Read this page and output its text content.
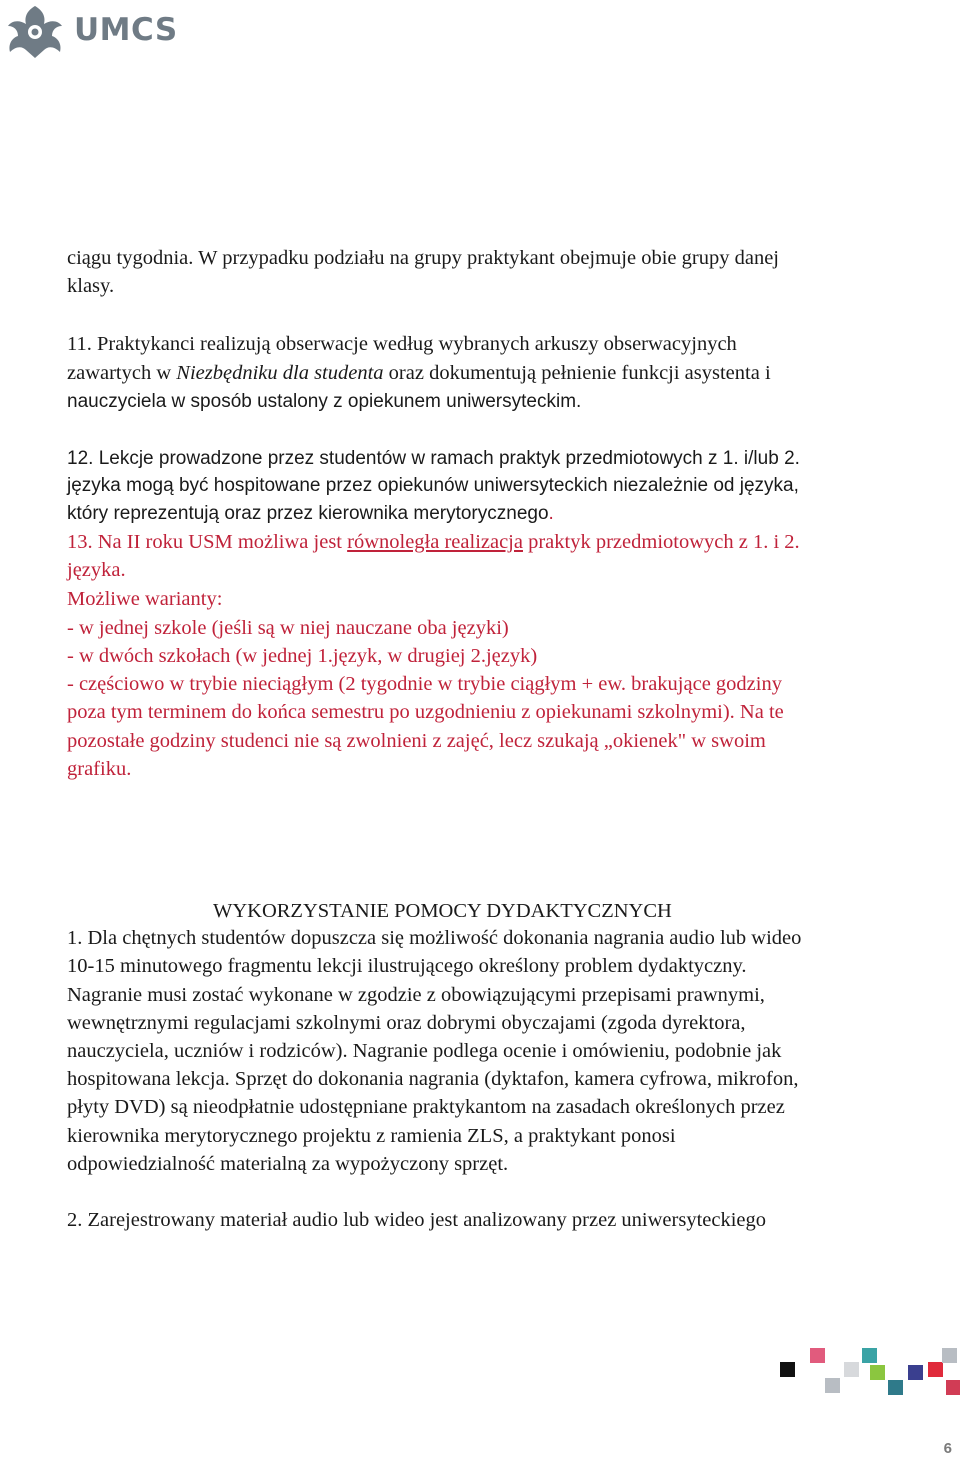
UMCS
ciągu tygodnia. W przypadku podziału na grupy praktykant obejmuje obie grupy danej
klasy.
11. Praktykanci realizują obserwacje według wybranych arkuszy obserwacyjnych
zawartych w Niezbędniku dla studenta oraz dokumentują pełnienie funkcji asystenta i
nauczyciela w sposób ustalony z opiekunem uniwersyteckim.
12. Lekcje prowadzone przez studentów w ramach praktyk przedmiotowych z 1. i/lub 2.
języka mogą być hospitowane przez opiekunów uniwersyteckich niezależnie od języka,
który reprezentują oraz przez kierownika merytorycznego.
13. Na II roku USM możliwa jest równoległa realizacja praktyk przedmiotowych z 1. i 2.
języka.
Możliwe warianty:
- w jednej szkole (jeśli są w niej nauczane oba języki)
- w dwóch szkołach (w jednej 1.język, w drugiej 2.język)
- częściowo w trybie nieciągłym (2 tygodnie w trybie ciągłym + ew. brakujące godziny
poza tym terminem do końca semestru po uzgodnieniu z opiekunami szkolnymi). Na te
pozostałe godziny studenci nie są zwolnieni z zajęć, lecz szukają „okienek" w swoim
grafiku.
WYKORZYSTANIE POMOCY DYDAKTYCZNYCH
1. Dla chętnych studentów dopuszcza się możliwość dokonania nagrania audio lub wideo
10-15 minutowego fragmentu lekcji ilustrującego określony problem dydaktyczny.
Nagranie musi zostać wykonane w zgodzie z obowiązującymi przepisami prawnymi,
wewnętrznymi regulacjami szkolnymi oraz dobrymi obyczajami (zgoda dyrektora,
nauczyciela, uczniów i rodziców). Nagranie podlega ocenie i omówieniu, podobnie jak
hospitowana lekcja. Sprzęt do dokonania nagrania (dyktafon, kamera cyfrowa, mikrofon,
płyty DVD) są nieodpłatnie udostępniane praktykantom na zasadach określonych przez
kierownika merytorycznego projektu z ramienia ZLS, a praktykant ponosi
odpowiedzialność materialną za wypożyczony sprzęt.
2. Zarejestrowany materiał audio lub wideo jest analizowany przez uniwersyteckiego
6
